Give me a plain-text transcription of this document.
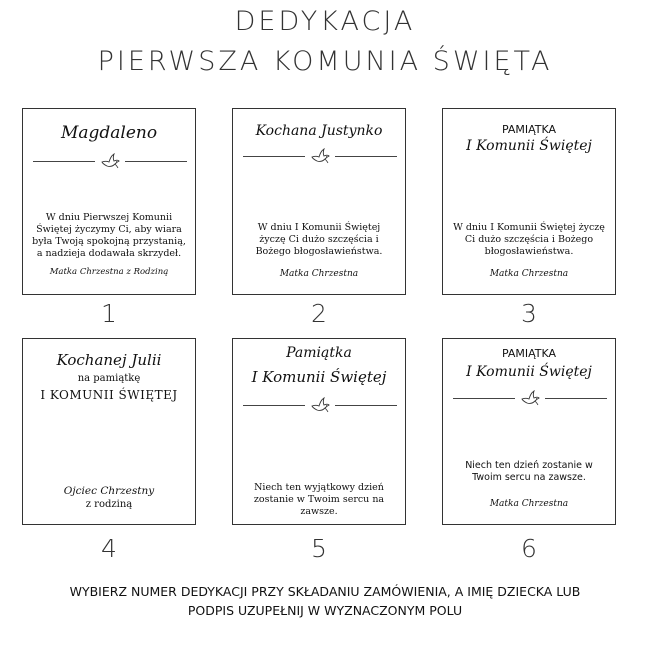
DEDYKACJA
PIERWSZA KOMUNIA ŚWIĘTA
Magdaleno
W dniu Pierwszej Komunii Świętej życzymy Ci, aby wiara była Twoją spokojną przystanią, a nadzieja dodawała skrzydeł.
Matka Chrzestna z Rodziną
1
Kochana Justynko
W dniu I Komunii Świętej życzę Ci dużo szczęścia i Bożego błogosławieństwa.
Matka Chrzestna
2
PAMIĄTKA
I Komunii Świętej
W dniu I Komunii Świętej życzę Ci dużo szczęścia i Bożego błogosławieństwa.
Matka Chrzestna
3
Kochanej Julii
na pamiątkę
I KOMUNII ŚWIĘTEJ
Ojciec Chrzestny
z rodziną
4
Pamiątka
I Komunii Świętej
Niech ten wyjątkowy dzień zostanie w Twoim sercu na zawsze.
5
PAMIĄTKA
I Komunii Świętej
Niech ten dzień zostanie w Twoim sercu na zawsze.
Matka Chrzestna
6
WYBIERZ NUMER DEDYKACJI PRZY SKŁADANIU ZAMÓWIENIA, A IMIĘ DZIECKA LUB
PODPIS UZUPEŁNIJ W WYZNACZONYM POLU
